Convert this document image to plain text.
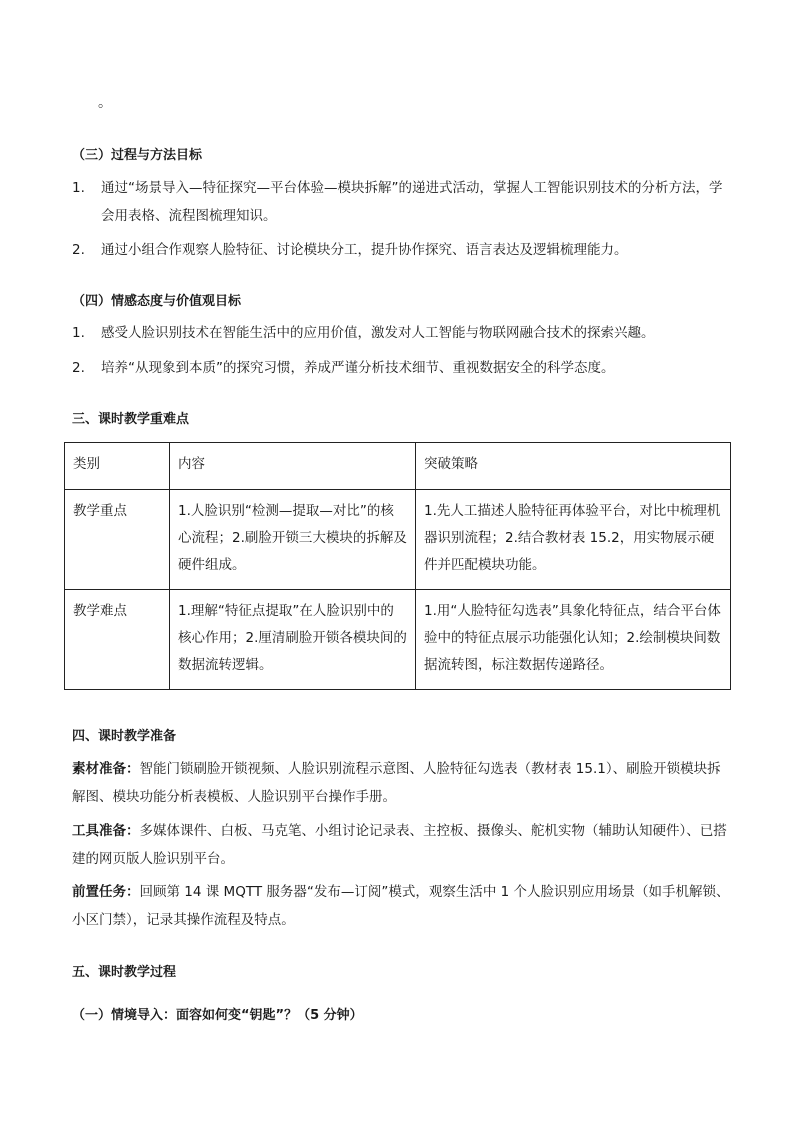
。
（三）过程与方法目标
1. 通过“场景导入—特征探究—平台体验—模块拆解”的递进式活动，掌握人工智能识别技术的分析方法，学会用表格、流程图梳理知识。
2. 通过小组合作观察人脸特征、讨论模块分工，提升协作探究、语言表达及逻辑梳理能力。
（四）情感态度与价值观目标
1. 感受人脸识别技术在智能生活中的应用价值，激发对人工智能与物联网融合技术的探索兴趣。
2. 培养“从现象到本质”的探究习惯，养成严谨分析技术细节、重视数据安全的科学态度。
三、课时教学重难点
类别	内容	突破策略
教学重点	1.人脸识别“检测—提取—对比”的核心流程；2.刷脸开锁三大模块的拆解及硬件组成。	1.先人工描述人脸特征再体验平台，对比中梳理机器识别流程；2.结合教材表 15.2，用实物展示硬件并匹配模块功能。
教学难点	1.理解“特征点提取”在人脸识别中的核心作用；2.厘清刷脸开锁各模块间的数据流转逻辑。	1.用“人脸特征勾选表”具象化特征点，结合平台体验中的特征点展示功能强化认知；2.绘制模块间数据流转图，标注数据传递路径。
四、课时教学准备
素材准备：智能门锁刷脸开锁视频、人脸识别流程示意图、人脸特征勾选表（教材表 15.1）、刷脸开锁模块拆解图、模块功能分析表模板、人脸识别平台操作手册。
工具准备：多媒体课件、白板、马克笔、小组讨论记录表、主控板、摄像头、舵机实物（辅助认知硬件）、已搭建的网页版人脸识别平台。
前置任务：回顾第 14 课 MQTT 服务器“发布—订阅”模式，观察生活中 1 个人脸识别应用场景（如手机解锁、小区门禁），记录其操作流程及特点。
五、课时教学过程
（一）情境导入：面容如何变“钥匙”？（5 分钟）
